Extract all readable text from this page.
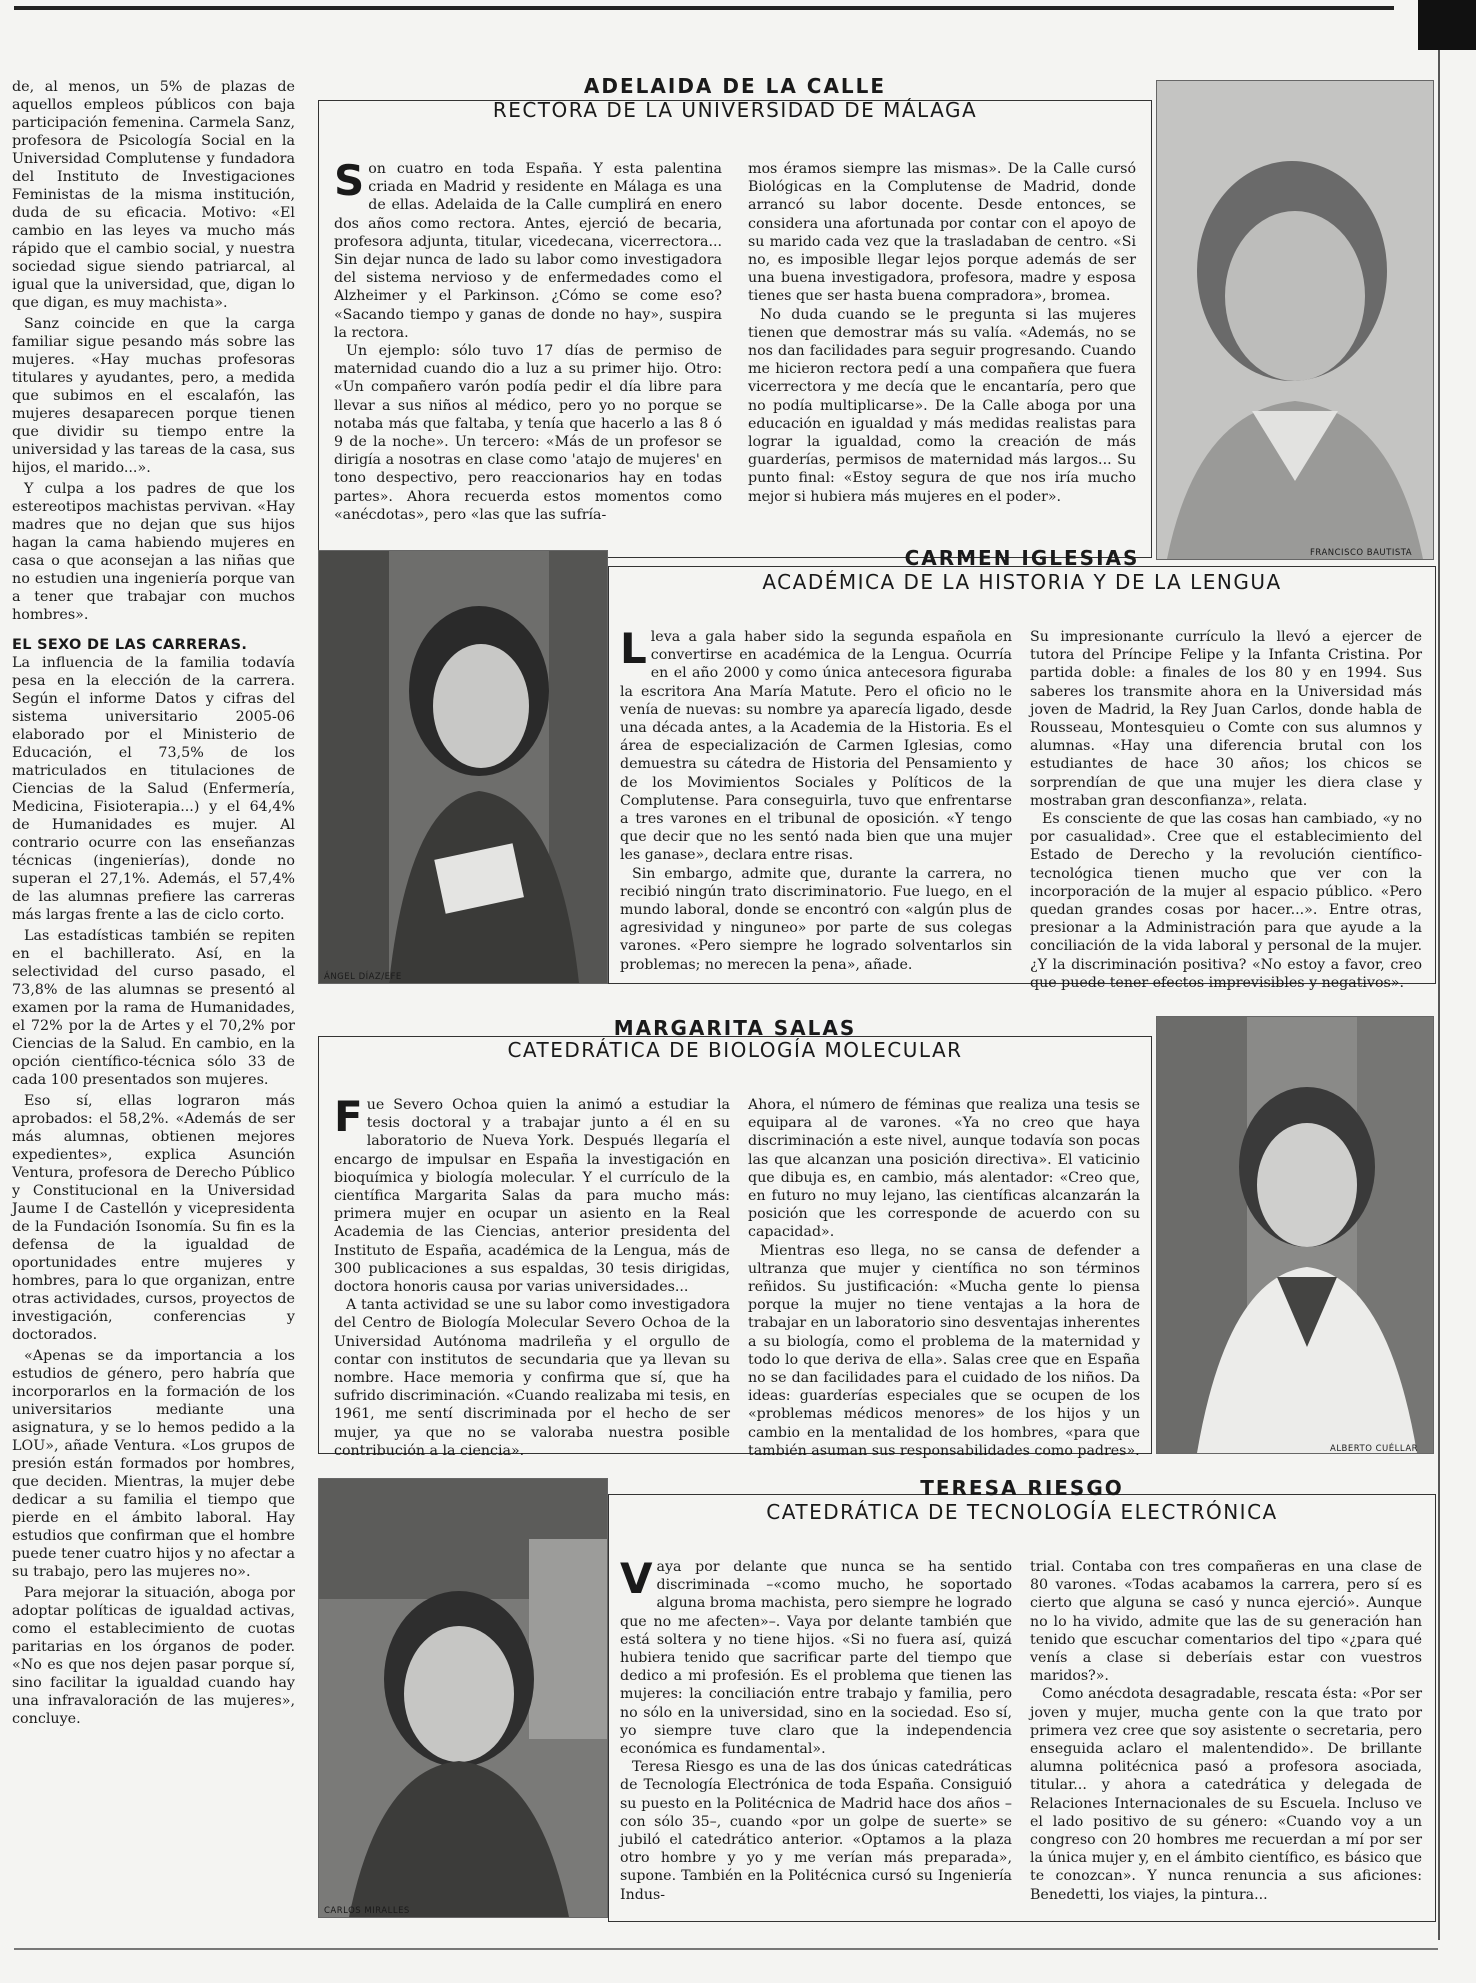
de, al menos, un 5% de plazas de aquellos empleos públicos con baja participación femenina. Carmela Sanz, profesora de Psicología Social en la Universidad Complutense y fundadora del Instituto de Investigaciones Feministas de la misma institución, duda de su eficacia. Motivo: «El cambio en las leyes va mucho más rápido que el cambio social, y nuestra sociedad sigue siendo patriarcal, al igual que la universidad, que, digan lo que digan, es muy machista».

Sanz coincide en que la carga familiar sigue pesando más sobre las mujeres. «Hay muchas profesoras titulares y ayudantes, pero, a medida que subimos en el escalafón, las mujeres desaparecen porque tienen que dividir su tiempo entre la universidad y las tareas de la casa, sus hijos, el marido...».

Y culpa a los padres de que los estereotipos machistas pervivan. «Hay madres que no dejan que sus hijos hagan la cama habiendo mujeres en casa o que aconsejan a las niñas que no estudien una ingeniería porque van a tener que trabajar con muchos hombres».

EL SEXO DE LAS CARRERAS.

La influencia de la familia todavía pesa en la elección de la carrera. Según el informe Datos y cifras del sistema universitario 2005-06 elaborado por el Ministerio de Educación, el 73,5% de los matriculados en titulaciones de Ciencias de la Salud (Enfermería, Medicina, Fisioterapia...) y el 64,4% de Humanidades es mujer. Al contrario ocurre con las enseñanzas técnicas (ingenierías), donde no superan el 27,1%. Además, el 57,4% de las alumnas prefiere las carreras más largas frente a las de ciclo corto.

Las estadísticas también se repiten en el bachillerato. Así, en la selectividad del curso pasado, el 73,8% de las alumnas se presentó al examen por la rama de Humanidades, el 72% por la de Artes y el 70,2% por Ciencias de la Salud. En cambio, en la opción científico-técnica sólo 33 de cada 100 presentados son mujeres.

Eso sí, ellas lograron más aprobados: el 58,2%. «Además de ser más alumnas, obtienen mejores expedientes», explica Asunción Ventura, profesora de Derecho Público y Constitucional en la Universidad Jaume I de Castellón y vicepresidenta de la Fundación Isonomía. Su fin es la defensa de la igualdad de oportunidades entre mujeres y hombres, para lo que organizan, entre otras actividades, cursos, proyectos de investigación, conferencias y doctorados.

«Apenas se da importancia a los estudios de género, pero habría que incorporarlos en la formación de los universitarios mediante una asignatura, y se lo hemos pedido a la LOU», añade Ventura. «Los grupos de presión están formados por hombres, que deciden. Mientras, la mujer debe dedicar a su familia el tiempo que pierde en el ámbito laboral. Hay estudios que confirman que el hombre puede tener cuatro hijos y no afectar a su trabajo, pero las mujeres no».

Para mejorar la situación, aboga por adoptar políticas de igualdad activas, como el establecimiento de cuotas paritarias en los órganos de poder. «No es que nos dejen pasar porque sí, sino facilitar la igualdad cuando hay una infravaloración de las mujeres», concluye.

ADELAIDA DE LA CALLE
RECTORA DE LA UNIVERSIDAD DE MÁLAGA

Son cuatro en toda España. Y esta palentina criada en Madrid y residente en Málaga es una de ellas. Adelaida de la Calle cumplirá en enero dos años como rectora. Antes, ejerció de becaria, profesora adjunta, titular, vicedecana, vicerrectora... Sin dejar nunca de lado su labor como investigadora del sistema nervioso y de enfermedades como el Alzheimer y el Parkinson. ¿Cómo se come eso? «Sacando tiempo y ganas de donde no hay», suspira la rectora.

Un ejemplo: sólo tuvo 17 días de permiso de maternidad cuando dio a luz a su primer hijo. Otro: «Un compañero varón podía pedir el día libre para llevar a sus niños al médico, pero yo no porque se notaba más que faltaba, y tenía que hacerlo a las 8 ó 9 de la noche». Un tercero: «Más de un profesor se dirigía a nosotras en clase como 'atajo de mujeres' en tono despectivo, pero reaccionarios hay en todas partes». Ahora recuerda estos momentos como «anécdotas», pero «las que las sufría-

mos éramos siempre las mismas». De la Calle cursó Biológicas en la Complutense de Madrid, donde arrancó su labor docente. Desde entonces, se considera una afortunada por contar con el apoyo de su marido cada vez que la trasladaban de centro. «Si no, es imposible llegar lejos porque además de ser una buena investigadora, profesora, madre y esposa tienes que ser hasta buena compradora», bromea.

No duda cuando se le pregunta si las mujeres tienen que demostrar más su valía. «Además, no se nos dan facilidades para seguir progresando. Cuando me hicieron rectora pedí a una compañera que fuera vicerrectora y me decía que le encantaría, pero que no podía multiplicarse». De la Calle aboga por una educación en igualdad y más medidas realistas para lograr la igualdad, como la creación de más guarderías, permisos de maternidad más largos... Su punto final: «Estoy segura de que nos iría mucho mejor si hubiera más mujeres en el poder».

FRANCISCO BAUTISTA
ÁNGEL DÍAZ/EFE
CARMEN IGLESIAS
ACADÉMICA DE LA HISTORIA Y DE LA LENGUA

Lleva a gala haber sido la segunda española en convertirse en académica de la Lengua. Ocurría en el año 2000 y como única antecesora figuraba la escritora Ana María Matute. Pero el oficio no le venía de nuevas: su nombre ya aparecía ligado, desde una década antes, a la Academia de la Historia. Es el área de especialización de Carmen Iglesias, como demuestra su cátedra de Historia del Pensamiento y de los Movimientos Sociales y Políticos de la Complutense. Para conseguirla, tuvo que enfrentarse a tres varones en el tribunal de oposición. «Y tengo que decir que no les sentó nada bien que una mujer les ganase», declara entre risas.

Sin embargo, admite que, durante la carrera, no recibió ningún trato discriminatorio. Fue luego, en el mundo laboral, donde se encontró con «algún plus de agresividad y ninguneo» por parte de sus colegas varones. «Pero siempre he logrado solventarlos sin problemas; no merecen la pena», añade.

Su impresionante currículo la llevó a ejercer de tutora del Príncipe Felipe y la Infanta Cristina. Por partida doble: a finales de los 80 y en 1994. Sus saberes los transmite ahora en la Universidad más joven de Madrid, la Rey Juan Carlos, donde habla de Rousseau, Montesquieu o Comte con sus alumnos y alumnas. «Hay una diferencia brutal con los estudiantes de hace 30 años; los chicos se sorprendían de que una mujer les diera clase y mostraban gran desconfianza», relata.

Es consciente de que las cosas han cambiado, «y no por casualidad». Cree que el establecimiento del Estado de Derecho y la revolución científico-tecnológica tienen mucho que ver con la incorporación de la mujer al espacio público. «Pero quedan grandes cosas por hacer...». Entre otras, presionar a la Administración para que ayude a la conciliación de la vida laboral y personal de la mujer. ¿Y la discriminación positiva? «No estoy a favor, creo que puede tener efectos imprevisibles y negativos».

MARGARITA SALAS
CATEDRÁTICA DE BIOLOGÍA MOLECULAR

Fue Severo Ochoa quien la animó a estudiar la tesis doctoral y a trabajar junto a él en su laboratorio de Nueva York. Después llegaría el encargo de impulsar en España la investigación en bioquímica y biología molecular. Y el currículo de la científica Margarita Salas da para mucho más: primera mujer en ocupar un asiento en la Real Academia de las Ciencias, anterior presidenta del Instituto de España, académica de la Lengua, más de 300 publicaciones a sus espaldas, 30 tesis dirigidas, doctora honoris causa por varias universidades...

A tanta actividad se une su labor como investigadora del Centro de Biología Molecular Severo Ochoa de la Universidad Autónoma madrileña y el orgullo de contar con institutos de secundaria que ya llevan su nombre. Hace memoria y confirma que sí, que ha sufrido discriminación. «Cuando realizaba mi tesis, en 1961, me sentí discriminada por el hecho de ser mujer, ya que no se valoraba nuestra posible contribución a la ciencia».

Ahora, el número de féminas que realiza una tesis se equipara al de varones. «Ya no creo que haya discriminación a este nivel, aunque todavía son pocas las que alcanzan una posición directiva». El vaticinio que dibuja es, en cambio, más alentador: «Creo que, en futuro no muy lejano, las científicas alcanzarán la posición que les corresponde de acuerdo con su capacidad».

Mientras eso llega, no se cansa de defender a ultranza que mujer y científica no son términos reñidos. Su justificación: «Mucha gente lo piensa porque la mujer no tiene ventajas a la hora de trabajar en un laboratorio sino desventajas inherentes a su biología, como el problema de la maternidad y todo lo que deriva de ella». Salas cree que en España no se dan facilidades para el cuidado de los niños. Da ideas: guarderías especiales que se ocupen de los «problemas médicos menores» de los hijos y un cambio en la mentalidad de los hombres, «para que también asuman sus responsabilidades como padres».	ALBERTO CUÉLLAR
CARLOS MIRALLES
TERESA RIESGO
CATEDRÁTICA DE TECNOLOGÍA ELECTRÓNICA

Vaya por delante que nunca se ha sentido discriminada –«como mucho, he soportado alguna broma machista, pero siempre he logrado que no me afecten»–. Vaya por delante también que está soltera y no tiene hijos. «Si no fuera así, quizá hubiera tenido que sacrificar parte del tiempo que dedico a mi profesión. Es el problema que tienen las mujeres: la conciliación entre trabajo y familia, pero no sólo en la universidad, sino en la sociedad. Eso sí, yo siempre tuve claro que la independencia económica es fundamental».

Teresa Riesgo es una de las dos únicas catedráticas de Tecnología Electrónica de toda España. Consiguió su puesto en la Politécnica de Madrid hace dos años –con sólo 35–, cuando «por un golpe de suerte» se jubiló el catedrático anterior. «Optamos a la plaza otro hombre y yo y me verían más preparada», supone. También en la Politécnica cursó su Ingeniería Indus-

trial. Contaba con tres compañeras en una clase de 80 varones. «Todas acabamos la carrera, pero sí es cierto que alguna se casó y nunca ejerció». Aunque no lo ha vivido, admite que las de su generación han tenido que escuchar comentarios del tipo «¿para qué venís a clase si deberíais estar con vuestros maridos?».

Como anécdota desagradable, rescata ésta: «Por ser joven y mujer, mucha gente con la que trato por primera vez cree que soy asistente o secretaria, pero enseguida aclaro el malentendido». De brillante alumna politécnica pasó a profesora asociada, titular... y ahora a catedrática y delegada de Relaciones Internacionales de su Escuela. Incluso ve el lado positivo de su género: «Cuando voy a un congreso con 20 hombres me recuerdan a mí por ser la única mujer y, en el ámbito científico, es básico que te conozcan». Y nunca renuncia a sus aficiones: Benedetti, los viajes, la pintura...
